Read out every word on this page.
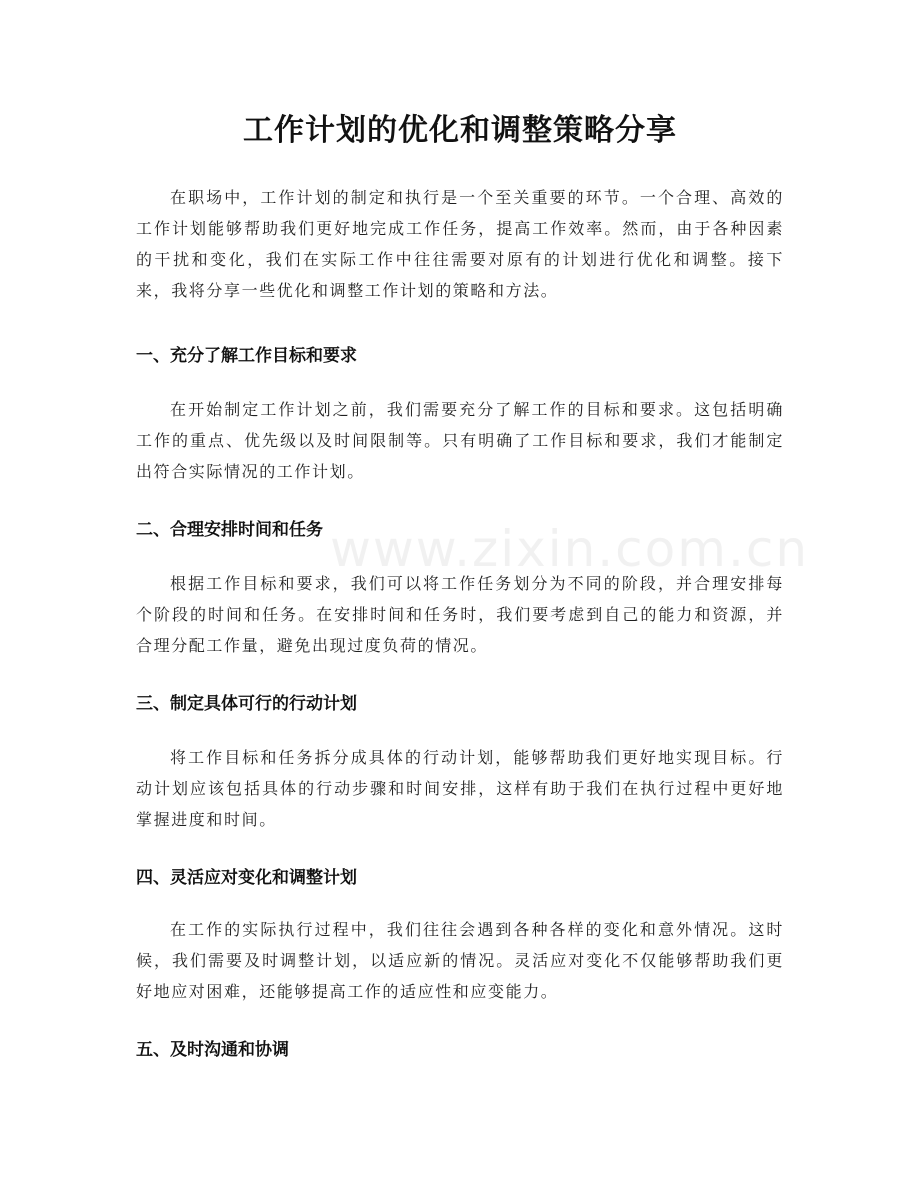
www.zixin.com.cn
工作计划的优化和调整策略分享

在职场中，工作计划的制定和执行是一个至关重要的环节。一个合理、高效的工作计划能够帮助我们更好地完成工作任务，提高工作效率。然而，由于各种因素的干扰和变化，我们在实际工作中往往需要对原有的计划进行优化和调整。接下来，我将分享一些优化和调整工作计划的策略和方法。

一、充分了解工作目标和要求

在开始制定工作计划之前，我们需要充分了解工作的目标和要求。这包括明确工作的重点、优先级以及时间限制等。只有明确了工作目标和要求，我们才能制定出符合实际情况的工作计划。

二、合理安排时间和任务

根据工作目标和要求，我们可以将工作任务划分为不同的阶段，并合理安排每个阶段的时间和任务。在安排时间和任务时，我们要考虑到自己的能力和资源，并合理分配工作量，避免出现过度负荷的情况。

三、制定具体可行的行动计划

将工作目标和任务拆分成具体的行动计划，能够帮助我们更好地实现目标。行动计划应该包括具体的行动步骤和时间安排，这样有助于我们在执行过程中更好地掌握进度和时间。

四、灵活应对变化和调整计划

在工作的实际执行过程中，我们往往会遇到各种各样的变化和意外情况。这时候，我们需要及时调整计划，以适应新的情况。灵活应对变化不仅能够帮助我们更好地应对困难，还能够提高工作的适应性和应变能力。

五、及时沟通和协调
